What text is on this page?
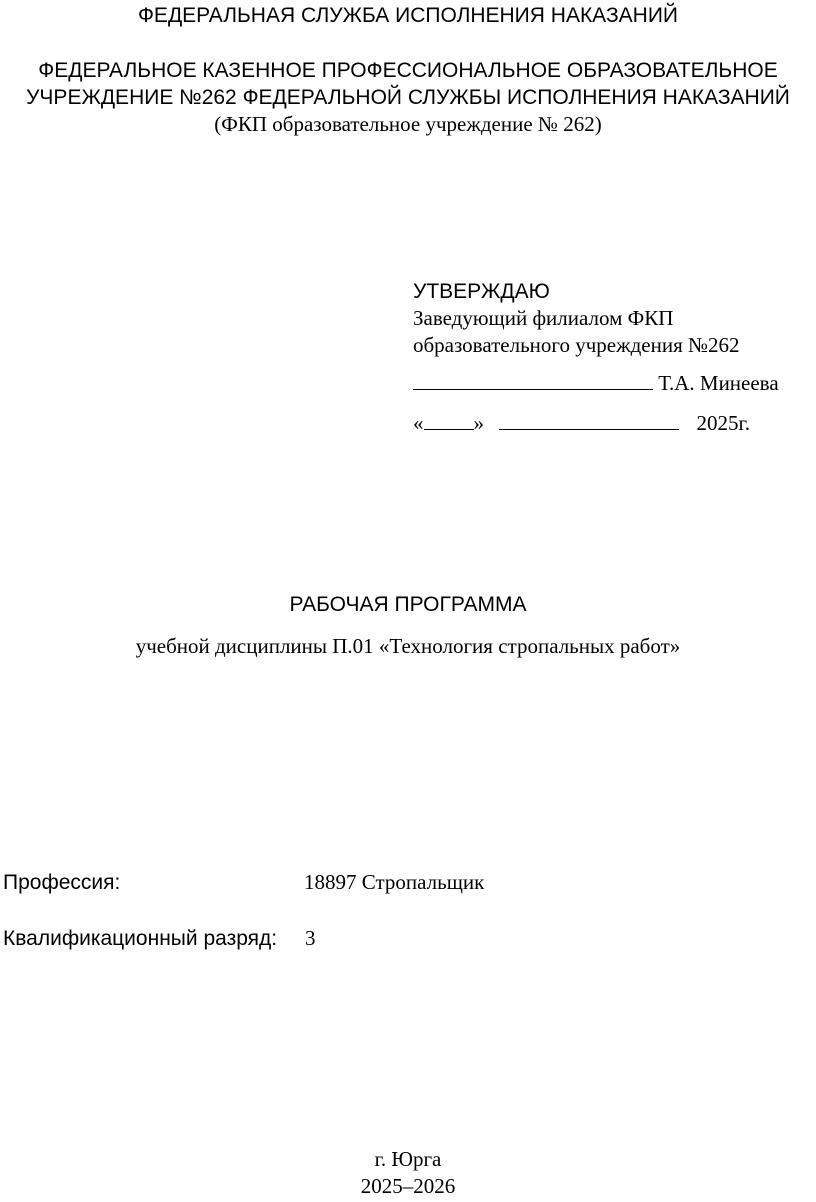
ФЕДЕРАЛЬНАЯ СЛУЖБА ИСПОЛНЕНИЯ НАКАЗАНИЙ
ФЕДЕРАЛЬНОЕ КАЗЕННОЕ ПРОФЕССИОНАЛЬНОЕ ОБРАЗОВАТЕЛЬНОЕ
УЧРЕЖДЕНИЕ №262 ФЕДЕРАЛЬНОЙ СЛУЖБЫ ИСПОЛНЕНИЯ НАКАЗАНИЙ
(ФКП образовательное учреждение № 262)
УТВЕРЖДАЮ
Заведующий филиалом ФКП
образовательного учреждения №262
Т.А. Минеева
« »	2025г.
РАБОЧАЯ ПРОГРАММА
учебной дисциплины П.01 «Технология стропальных работ»
Профессия:	18897 Стропальщик
Квалификационный разряд: 3
г. Юрга
2025–2026
